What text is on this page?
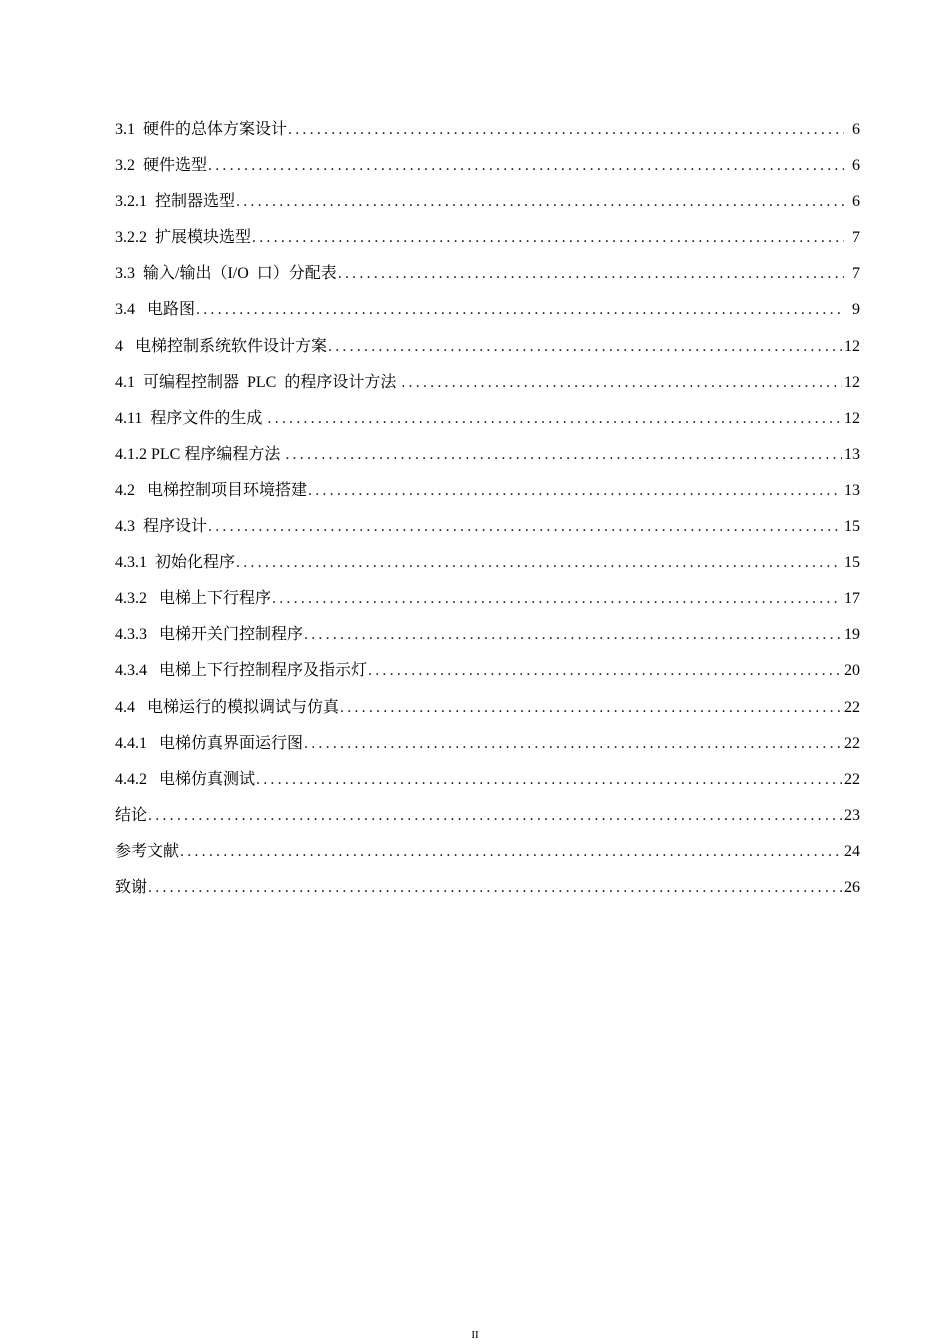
3.1  硬件的总体方案设计 .....	6
3.2  硬件选型 .....	6
3.2.1  控制器选型 .....	6
3.2.2  扩展模块选型 .....	7
3.3  输入/输出（I/O  口）分配表 .....	7
3.4   电路图 .....	9
4   电梯控制系统软件设计方案 .....	12
4.1  可编程控制器  PLC  的程序设计方法 .....	12
4.11  程序文件的生成 .....	12
4.1.2 PLC 程序编程方法 .....	13
4.2   电梯控制项目环境搭建 .....	13
4.3  程序设计 .....	15
4.3.1  初始化程序 .....	15
4.3.2   电梯上下行程序 .....	17
4.3.3   电梯开关门控制程序 .....	19
4.3.4   电梯上下行控制程序及指示灯 .....	20
4.4   电梯运行的模拟调试与仿真 .....	22
4.4.1   电梯仿真界面运行图 .....	22
4.4.2   电梯仿真测试 .....	22
结论 .....	23
参考文献 .....	24
致谢 .....	26
II
